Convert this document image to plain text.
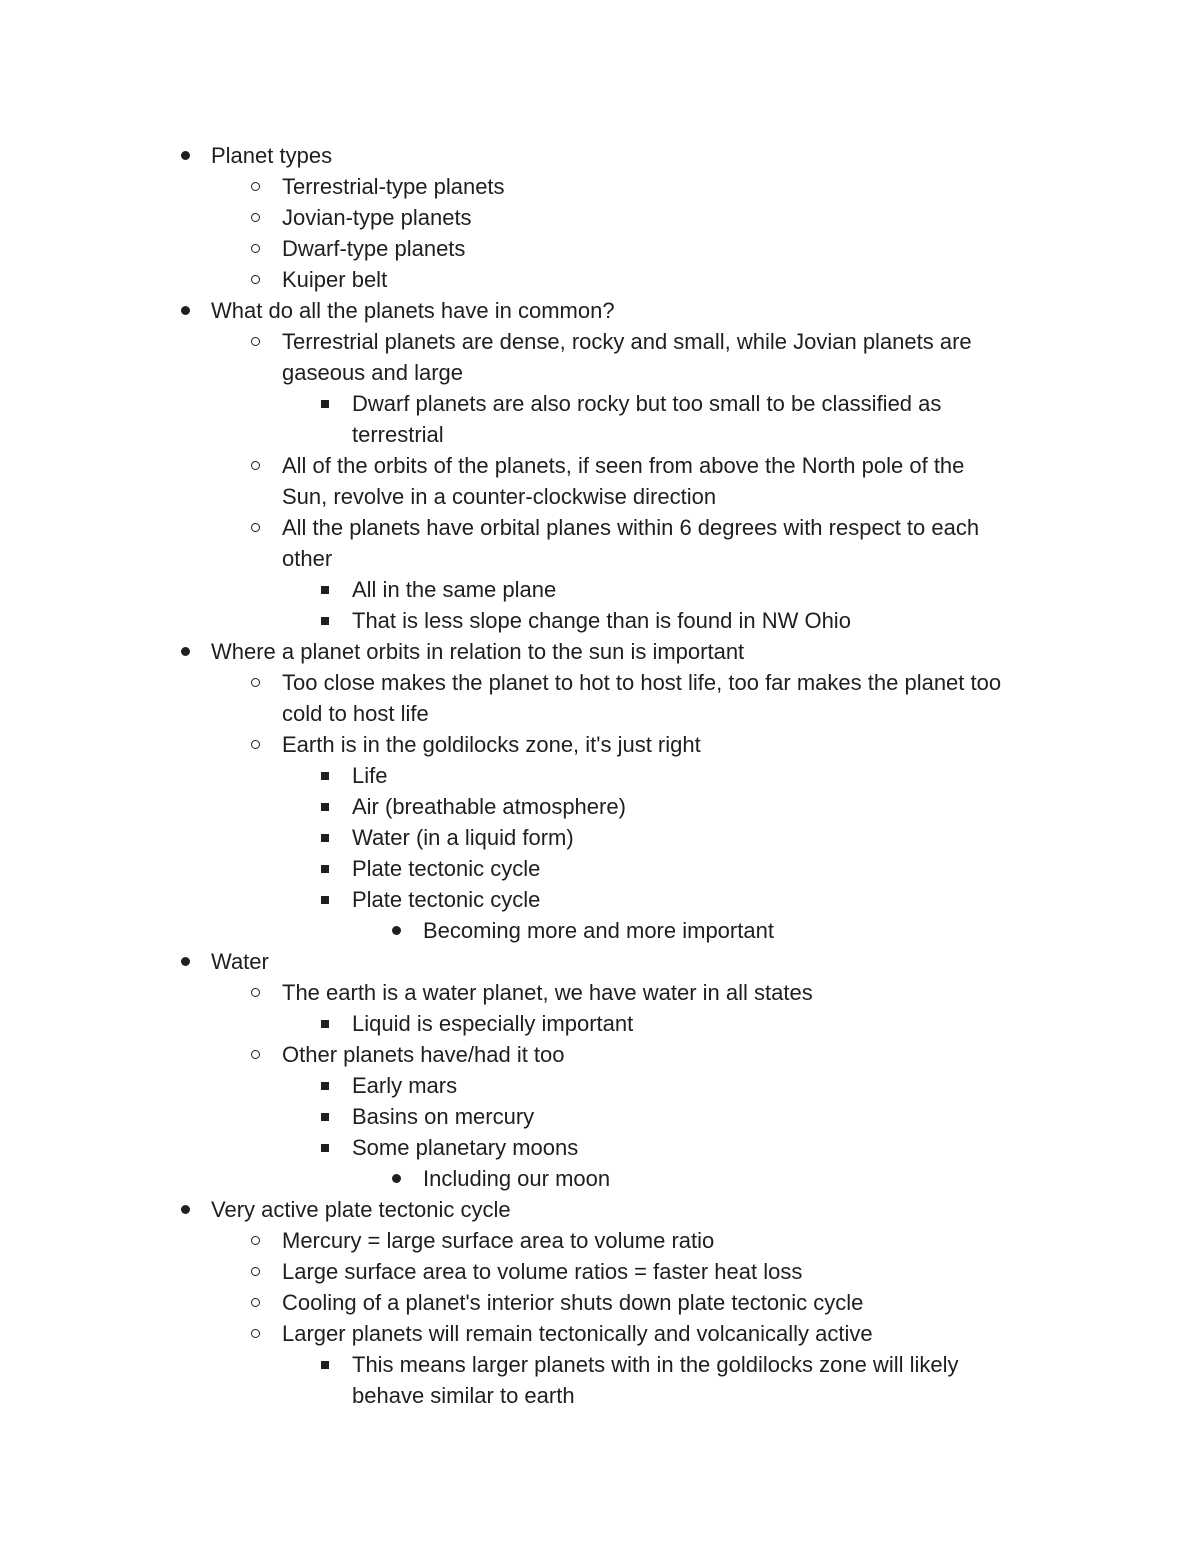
Planet types
Terrestrial-type planets
Jovian-type planets
Dwarf-type planets
Kuiper belt
What do all the planets have in common?
Terrestrial planets are dense, rocky and small, while Jovian planets are
gaseous and large
Dwarf planets are also rocky but too small to be classified as
terrestrial
All of the orbits of the planets, if seen from above the North pole of the
Sun, revolve in a counter-clockwise direction
All the planets have orbital planes within 6 degrees with respect to each
other
All in the same plane
That is less slope change than is found in NW Ohio
Where a planet orbits in relation to the sun is important
Too close makes the planet to hot to host life, too far makes the planet too
cold to host life
Earth is in the goldilocks zone, it's just right
Life
Air (breathable atmosphere)
Water (in a liquid form)
Plate tectonic cycle
Plate tectonic cycle
Becoming more and more important
Water
The earth is a water planet, we have water in all states
Liquid is especially important
Other planets have/had it too
Early mars
Basins on mercury
Some planetary moons
Including our moon
Very active plate tectonic cycle
Mercury = large surface area to volume ratio
Large surface area to volume ratios = faster heat loss
Cooling of a planet's interior shuts down plate tectonic cycle
Larger planets will remain tectonically and volcanically active
This means larger planets with in the goldilocks zone will likely
behave similar to earth
